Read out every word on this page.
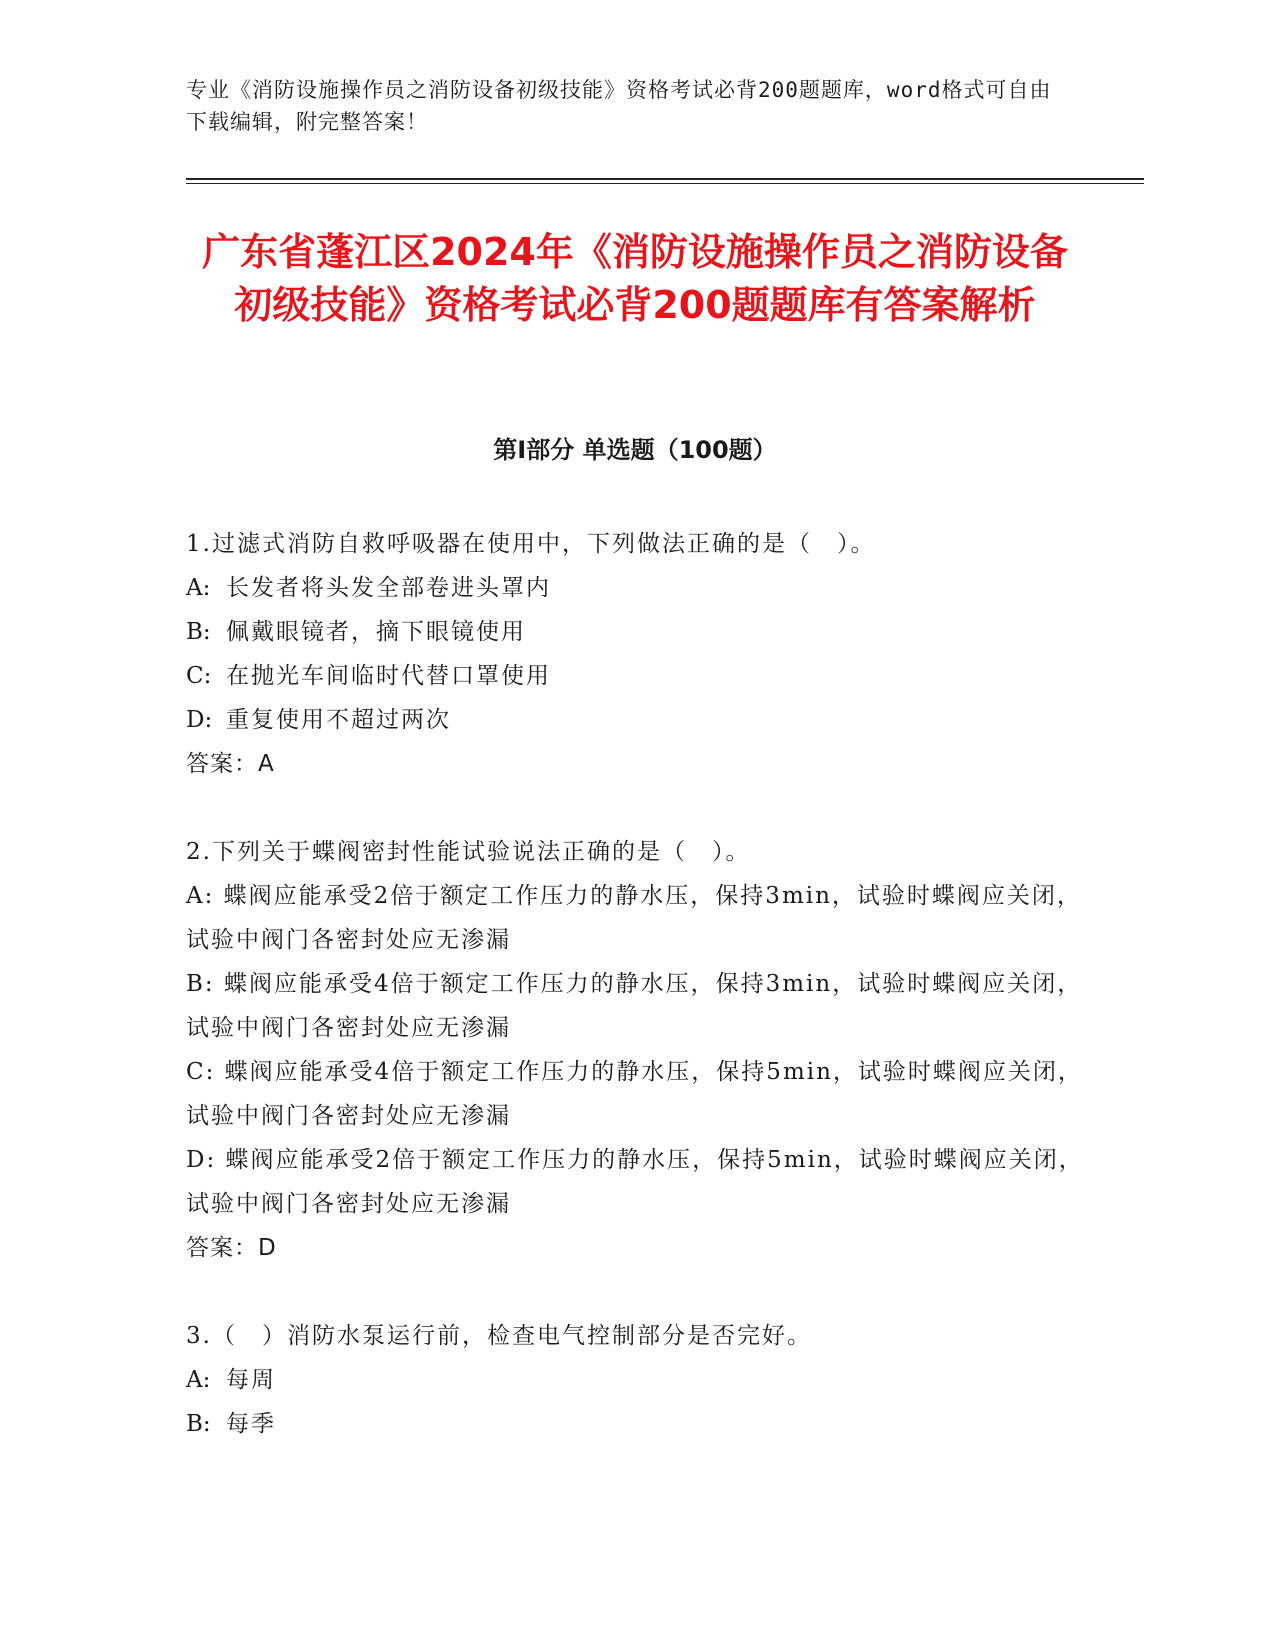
专业《消防设施操作员之消防设备初级技能》资格考试必背200题题库，word格式可自由下载编辑，附完整答案！
广东省蓬江区2024年《消防设施操作员之消防设备初级技能》资格考试必背200题题库有答案解析
第I部分 单选题（100题）

1.过滤式消防自救呼吸器在使用中，下列做法正确的是（　）。

A: 长发者将头发全部卷进头罩内

B: 佩戴眼镜者，摘下眼镜使用

C: 在抛光车间临时代替口罩使用

D: 重复使用不超过两次

答案：A

2.下列关于蝶阀密封性能试验说法正确的是（　）。

A: 蝶阀应能承受2倍于额定工作压力的静水压，保持3min，试验时蝶阀应关闭，试验中阀门各密封处应无渗漏

B: 蝶阀应能承受4倍于额定工作压力的静水压，保持3min，试验时蝶阀应关闭，试验中阀门各密封处应无渗漏

C: 蝶阀应能承受4倍于额定工作压力的静水压，保持5min，试验时蝶阀应关闭，试验中阀门各密封处应无渗漏

D: 蝶阀应能承受2倍于额定工作压力的静水压，保持5min，试验时蝶阀应关闭，试验中阀门各密封处应无渗漏

答案：D

3.（　）消防水泵运行前，检查电气控制部分是否完好。

A: 每周

B: 每季
